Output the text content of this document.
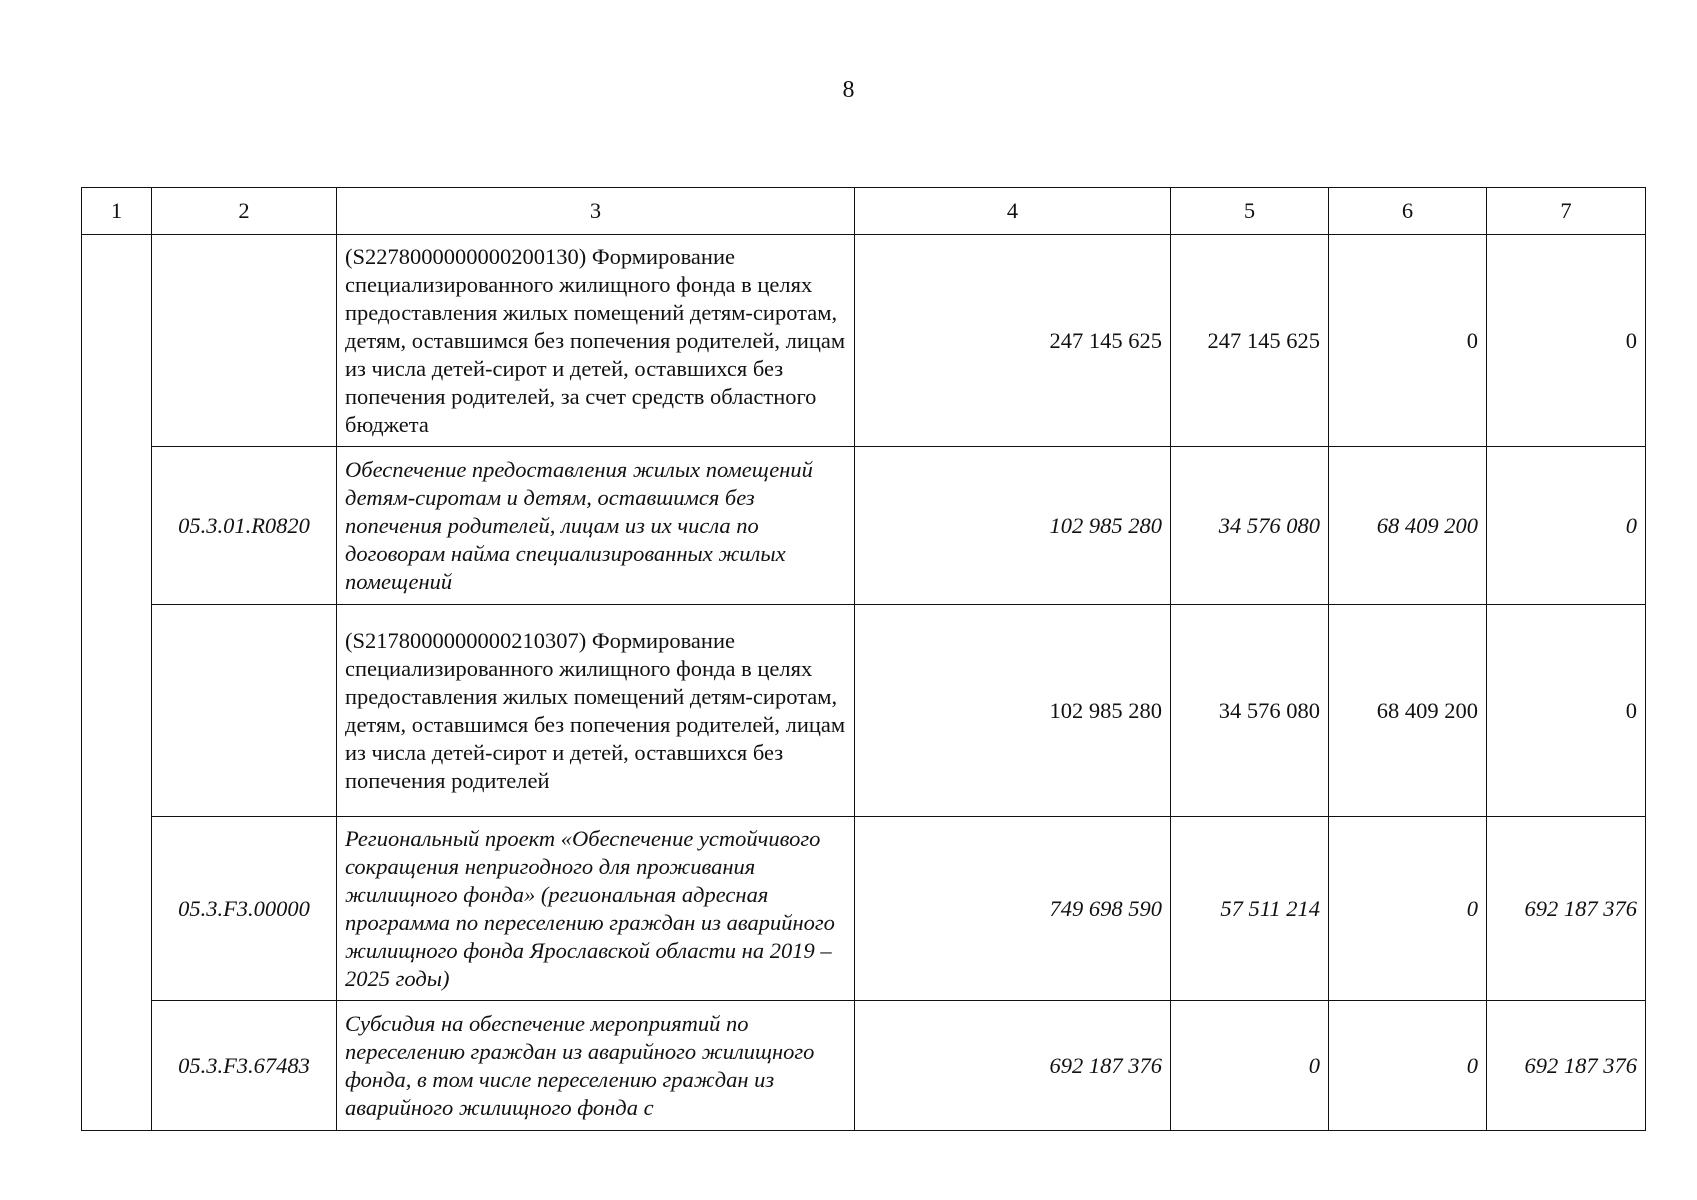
8
1	2	3	4	5	6	7
		(S2278000000000200130) Формирование специализированного жилищного фонда в целях предоставления жилых помещений детям-сиротам, детям, оставшимся без попечения родителей, лицам из числа детей-сирот и детей, оставшихся без попечения родителей, за счет средств областного бюджета	247 145 625	247 145 625	0	0
	05.3.01.R0820	Обеспечение предоставления жилых помещений детям-сиротам и детям, оставшимся без попечения родителей, лицам из их числа по договорам найма специализированных жилых помещений	102 985 280	34 576 080	68 409 200	0
		(S2178000000000210307) Формирование специализированного жилищного фонда в целях предоставления жилых помещений детям-сиротам, детям, оставшимся без попечения родителей, лицам из числа детей-сирот и детей, оставшихся без попечения родителей	102 985 280	34 576 080	68 409 200	0
	05.3.F3.00000	Региональный проект «Обеспечение устойчивого сокращения непригодного для проживания жилищного фонда» (региональная адресная программа по переселению граждан из аварийного жилищного фонда Ярославской области на 2019 – 2025 годы)	749 698 590	57 511 214	0	692 187 376
	05.3.F3.67483	Субсидия на обеспечение мероприятий по переселению граждан из аварийного жилищного фонда, в том числе переселению граждан из аварийного жилищного фонда с	692 187 376	0	0	692 187 376
